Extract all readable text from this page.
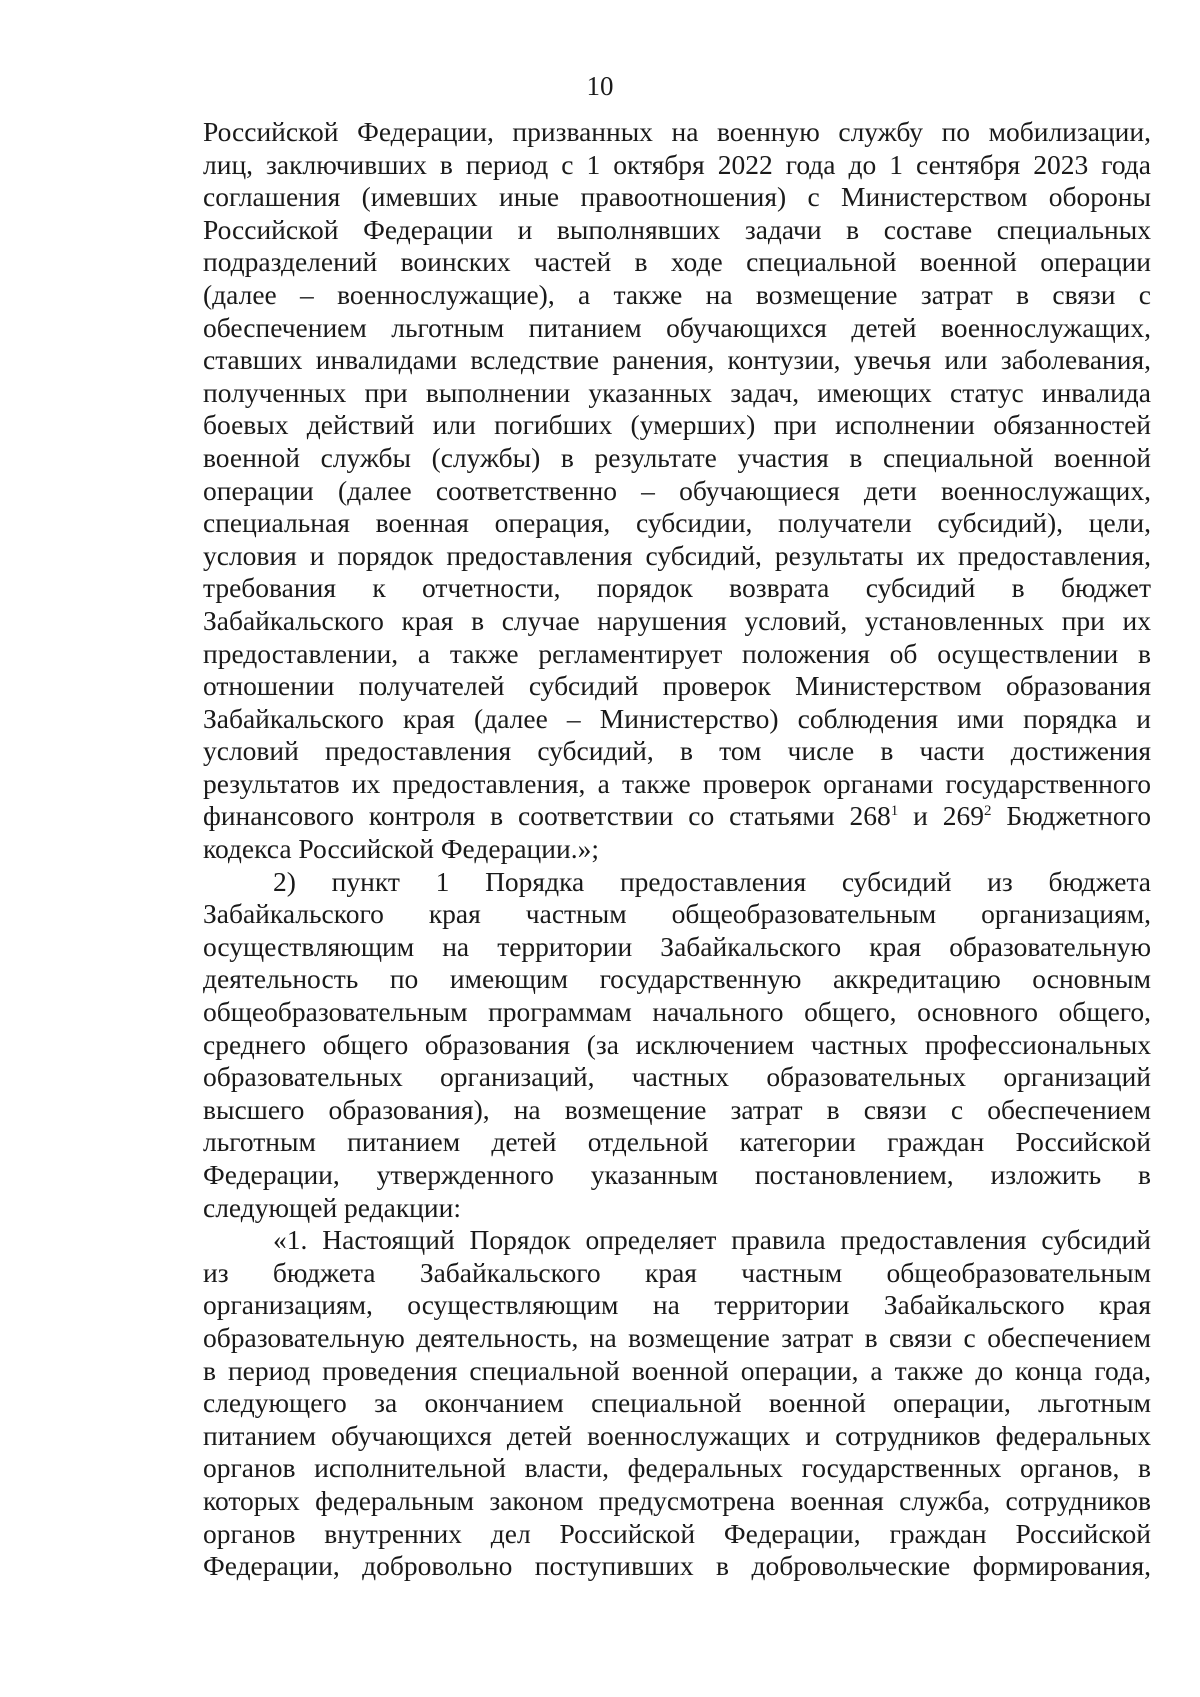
10
Российской Федерации, призванных на военную службу по мобилизации,
лиц, заключивших в период с 1 октября 2022 года до 1 сентября 2023 года
соглашения (имевших иные правоотношения) с Министерством обороны
Российской Федерации и выполнявших задачи в составе специальных
подразделений воинских частей в ходе специальной военной операции
(далее – военнослужащие), а также на возмещение затрат в связи с
обеспечением льготным питанием обучающихся детей военнослужащих,
ставших инвалидами вследствие ранения, контузии, увечья или заболевания,
полученных при выполнении указанных задач, имеющих статус инвалида
боевых действий или погибших (умерших) при исполнении обязанностей
военной службы (службы) в результате участия в специальной военной
операции (далее соответственно – обучающиеся дети военнослужащих,
специальная военная операция, субсидии, получатели субсидий), цели,
условия и порядок предоставления субсидий, результаты их предоставления,
требования к отчетности, порядок возврата субсидий в бюджет
Забайкальского края в случае нарушения условий, установленных при их
предоставлении, а также регламентирует положения об осуществлении в
отношении получателей субсидий проверок Министерством образования
Забайкальского края (далее – Министерство) соблюдения ими порядка и
условий предоставления субсидий, в том числе в части достижения
результатов их предоставления, а также проверок органами государственного
финансового контроля в соответствии со статьями $268^1$ и $269^2$ Бюджетного
кодекса Российской Федерации.»;
2) пункт 1 Порядка предоставления субсидий из бюджета
Забайкальского края частным общеобразовательным организациям,
осуществляющим на территории Забайкальского края образовательную
деятельность по имеющим государственную аккредитацию основным
общеобразовательным программам начального общего, основного общего,
среднего общего образования (за исключением частных профессиональных
образовательных организаций, частных образовательных организаций
высшего образования), на возмещение затрат в связи с обеспечением
льготным питанием детей отдельной категории граждан Российской
Федерации, утвержденного указанным постановлением, изложить в
следующей редакции:
«1. Настоящий Порядок определяет правила предоставления субсидий
из бюджета Забайкальского края частным общеобразовательным
организациям, осуществляющим на территории Забайкальского края
образовательную деятельность, на возмещение затрат в связи с обеспечением
в период проведения специальной военной операции, а также до конца года,
следующего за окончанием специальной военной операции, льготным
питанием обучающихся детей военнослужащих и сотрудников федеральных
органов исполнительной власти, федеральных государственных органов, в
которых федеральным законом предусмотрена военная служба, сотрудников
органов внутренних дел Российской Федерации, граждан Российской
Федерации, добровольно поступивших в добровольческие формирования,
